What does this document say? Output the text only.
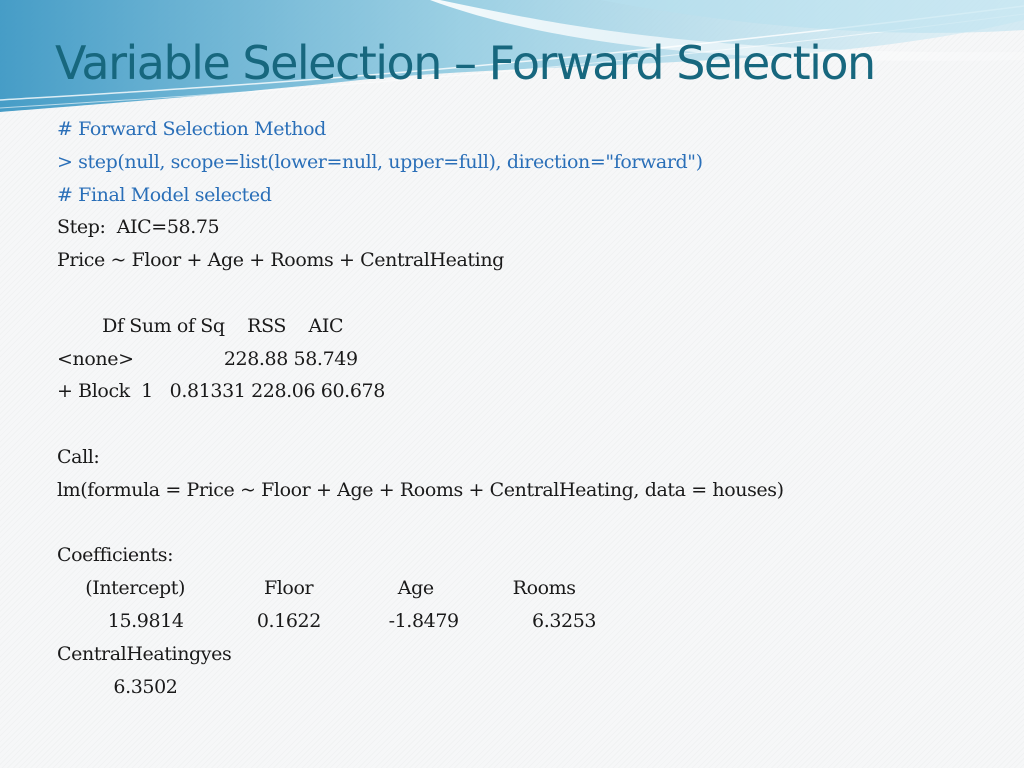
Variable Selection – Forward Selection
# Forward Selection Method
> step(null, scope=list(lower=null, upper=full), direction="forward")
# Final Model selected
Step:  AIC=58.75
Price ~ Floor + Age + Rooms + CentralHeating
Df Sum of Sq    RSS    AIC
<none>                228.88 58.749
+ Block  1   0.81331 228.06 60.678
Call:
lm(formula = Price ~ Floor + Age + Rooms + CentralHeating, data = houses)
Coefficients:
(Intercept)              Floor               Age              Rooms
15.9814             0.1622            -1.8479             6.3253
CentralHeatingyes
6.3502
